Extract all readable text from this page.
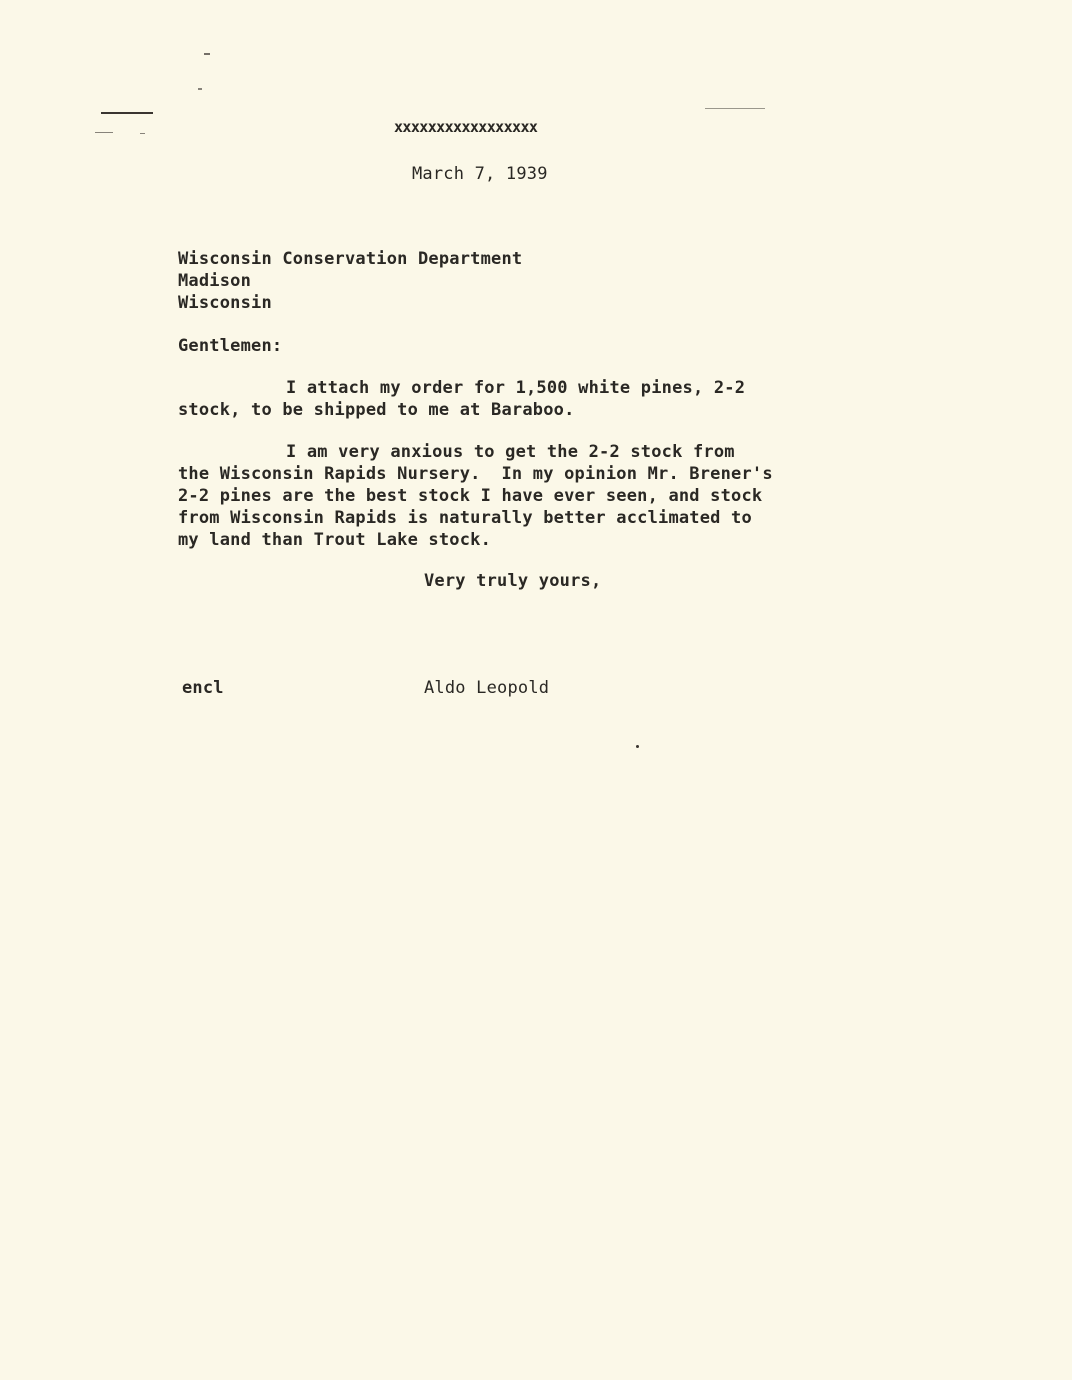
xxxxxxxxxxxxxxxxx
March 7, 1939
Wisconsin Conservation Department
Madison
Wisconsin
Gentlemen:
I attach my order for 1,500 white pines, 2-2
stock, to be shipped to me at Baraboo.
I am very anxious to get the 2-2 stock from
the Wisconsin Rapids Nursery.  In my opinion Mr. Brener's
2-2 pines are the best stock I have ever seen, and stock
from Wisconsin Rapids is naturally better acclimated to
my land than Trout Lake stock.
Very truly yours,
encl	Aldo Leopold
